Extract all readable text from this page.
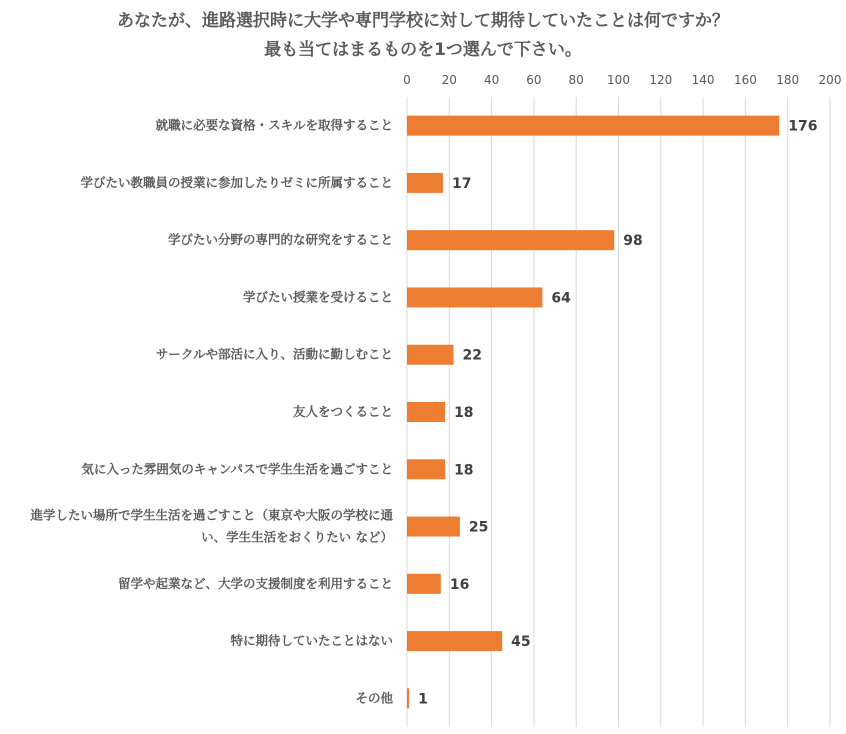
あなたが、進路選択時に大学や専門学校に対して期待していたことは何ですか？
最も当てはまるものを1つ選んで下さい。
0	20 40 60 80 100 120 140 160 180 200
176
就職に必要な資格・スキルを取得すること
17
学びたい教職員の授業に参加したりゼミに所属すること
98
学びたい分野の専門的な研究をすること
64
学びたい授業を受けること
22
サークルや部活に入り、活動に勤しむこと
18
友人をつくること
18
気に入った雰囲気のキャンパスで学生生活を過ごすこと
25
進学したい場所で学生生活を過ごすこと（東京や大阪の学校に通
い、学生生活をおくりたい など）
16
留学や起業など、大学の支援制度を利用すること
45
特に期待していたことはない
1
その他
